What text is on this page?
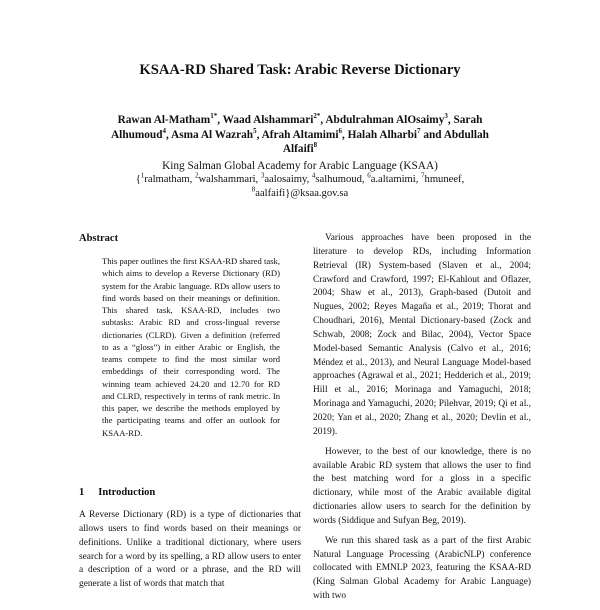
KSAA-RD Shared Task: Arabic Reverse Dictionary
Rawan Al-Matham$^{1*}$, Waad Alshammari$^{2*}$, Abdulrahman AlOsaimy$^3$, Sarah Alhumoud$^4$, Asma Al Wazrah$^5$, Afrah Altamimi$^6$, Halah Alharbi$^7$ and Abdullah Alfaifi$^8$
King Salman Global Academy for Arabic Language (KSAA)
{$^1$ralmatham, $^2$walshammari, $^3$aalosaimy, $^4$salhumoud, $^6$a.altamimi, $^7$hmuneef,
$^8$aalfaifi}@ksaa.gov.sa
Abstract
This paper outlines the first KSAA-RD shared task, which aims to develop a Reverse Dictionary (RD) system for the Arabic language. RDs allow users to find words based on their meanings or definition. This shared task, KSAA-RD, includes two subtasks: Arabic RD and cross-lingual reverse dictionaries (CLRD). Given a definition (referred to as a “gloss”) in either Arabic or English, the teams compete to find the most similar word embeddings of their corresponding word. The winning team achieved 24.20 and 12.70 for RD and CLRD, respectively in terms of rank metric. In this paper, we describe the methods employed by the participating teams and offer an outlook for KSAA-RD.
1 Introduction
A Reverse Dictionary (RD) is a type of dictionaries that allows users to find words based on their meanings or definitions. Unlike a traditional dictionary, where users search for a word by its spelling, a RD allow users to enter a description of a word or a phrase, and the RD will generate a list of words that match that

Various approaches have been proposed in the literature to develop RDs, including Information Retrieval (IR) System-based (Slaven et al., 2004; Crawford and Crawford, 1997; El-Kahlout and Oflazer, 2004; Shaw et al., 2013), Graph-based (Dutoit and Nugues, 2002; Reyes Magaña et al., 2019; Thorat and Choudhari, 2016), Mental Dictionary-based (Zock and Schwab, 2008; Zock and Bilac, 2004), Vector Space Model-based Semantic Analysis (Calvo et al., 2016; Méndez et al., 2013), and Neural Language Model-based approaches (Agrawal et al., 2021; Hedderich et al., 2019; Hill et al., 2016; Morinaga and Yamaguchi, 2018; Morinaga and Yamaguchi, 2020; Pilehvar, 2019; Qi et al., 2020; Yan et al., 2020; Zhang et al., 2020; Devlin et al., 2019).

However, to the best of our knowledge, there is no available Arabic RD system that allows the user to find the best matching word for a gloss in a specific dictionary, while most of the Arabic available digital dictionaries allow users to search for the definition by words (Siddique and Sufyan Beg, 2019).

We run this shared task as a part of the first Arabic Natural Language Processing (ArabicNLP) conference collocated with EMNLP 2023, featuring the KSAA-RD (King Salman Global Academy for Arabic Language) with two
